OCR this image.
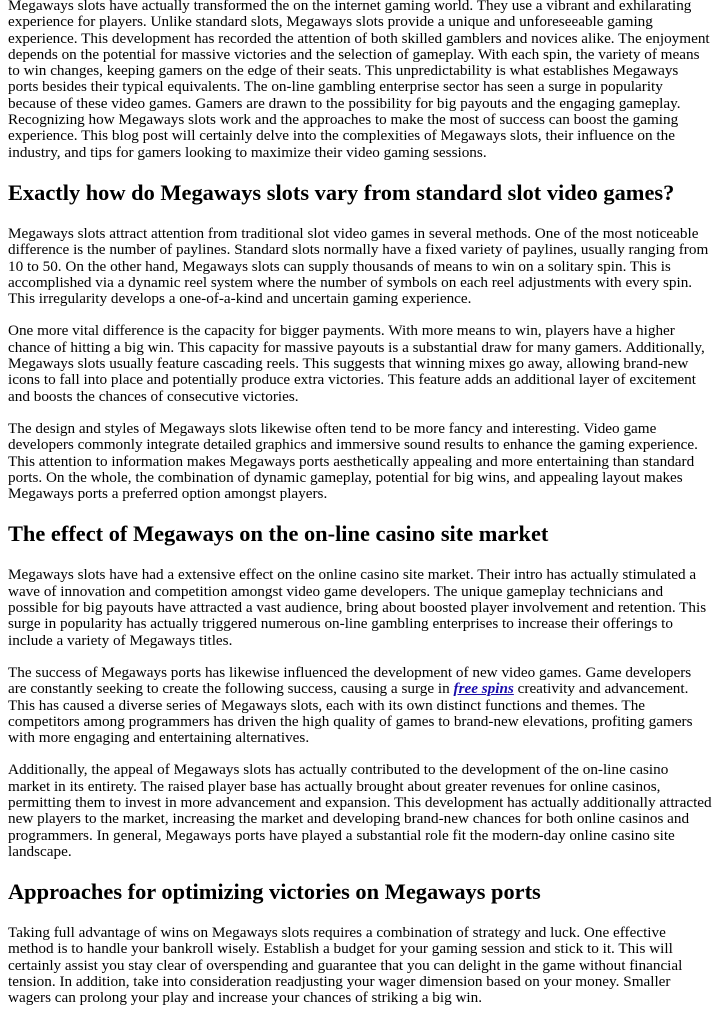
Megaways slots have actually transformed the on the internet gaming world. They use a vibrant and exhilarating experience for players. Unlike standard slots, Megaways slots provide a unique and unforeseeable gaming experience. This development has recorded the attention of both skilled gamblers and novices alike. The enjoyment depends on the potential for massive victories and the selection of gameplay. With each spin, the variety of means to win changes, keeping gamers on the edge of their seats. This unpredictability is what establishes Megaways ports besides their typical equivalents. The on-line gambling enterprise sector has seen a surge in popularity because of these video games. Gamers are drawn to the possibility for big payouts and the engaging gameplay. Recognizing how Megaways slots work and the approaches to make the most of success can boost the gaming experience. This blog post will certainly delve into the complexities of Megaways slots, their influence on the industry, and tips for gamers looking to maximize their video gaming sessions.

Exactly how do Megaways slots vary from standard slot video games?

Megaways slots attract attention from traditional slot video games in several methods. One of the most noticeable difference is the number of paylines. Standard slots normally have a fixed variety of paylines, usually ranging from 10 to 50. On the other hand, Megaways slots can supply thousands of means to win on a solitary spin. This is accomplished via a dynamic reel system where the number of symbols on each reel adjustments with every spin. This irregularity develops a one-of-a-kind and uncertain gaming experience.

One more vital difference is the capacity for bigger payments. With more means to win, players have a higher chance of hitting a big win. This capacity for massive payouts is a substantial draw for many gamers. Additionally, Megaways slots usually feature cascading reels. This suggests that winning mixes go away, allowing brand-new icons to fall into place and potentially produce extra victories. This feature adds an additional layer of excitement and boosts the chances of consecutive victories.

The design and styles of Megaways slots likewise often tend to be more fancy and interesting. Video game developers commonly integrate detailed graphics and immersive sound results to enhance the gaming experience. This attention to information makes Megaways ports aesthetically appealing and more entertaining than standard ports. On the whole, the combination of dynamic gameplay, potential for big wins, and appealing layout makes Megaways ports a preferred option amongst players.

The effect of Megaways on the on-line casino site market

Megaways slots have had a extensive effect on the online casino site market. Their intro has actually stimulated a wave of innovation and competition amongst video game developers. The unique gameplay technicians and possible for big payouts have attracted a vast audience, bring about boosted player involvement and retention. This surge in popularity has actually triggered numerous on-line gambling enterprises to increase their offerings to include a variety of Megaways titles.

The success of Megaways ports has likewise influenced the development of new video games. Game developers are constantly seeking to create the following success, causing a surge in free spins creativity and advancement. This has caused a diverse series of Megaways slots, each with its own distinct functions and themes. The competitors among programmers has driven the high quality of games to brand-new elevations, profiting gamers with more engaging and entertaining alternatives.

Additionally, the appeal of Megaways slots has actually contributed to the development of the on-line casino market in its entirety. The raised player base has actually brought about greater revenues for online casinos, permitting them to invest in more advancement and expansion. This development has actually additionally attracted new players to the market, increasing the market and developing brand-new chances for both online casinos and programmers. In general, Megaways ports have played a substantial role fit the modern-day online casino site landscape.

Approaches for optimizing victories on Megaways ports

Taking full advantage of wins on Megaways slots requires a combination of strategy and luck. One effective method is to handle your bankroll wisely. Establish a budget for your gaming session and stick to it. This will certainly assist you stay clear of overspending and guarantee that you can delight in the game without financial tension. In addition, take into consideration readjusting your wager dimension based on your money. Smaller wagers can prolong your play and increase your chances of striking a big win.
